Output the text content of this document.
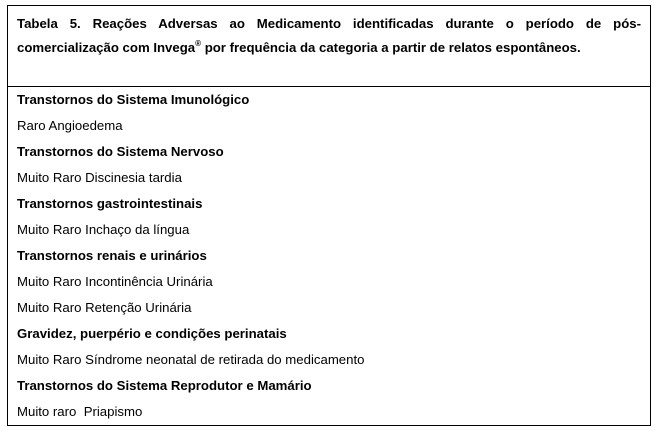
Tabela 5. Reações Adversas ao Medicamento identificadas durante o período de pós-comercialização com Invega® por frequência da categoria a partir de relatos espontâneos.
Transtornos do Sistema Imunológico
Raro Angioedema
Transtornos do Sistema Nervoso
Muito Raro Discinesia tardia
Transtornos gastrointestinais
Muito Raro Inchaço da língua
Transtornos renais e urinários
Muito Raro Incontinência Urinária
Muito Raro Retenção Urinária
Gravidez, puerpério e condições perinatais
Muito Raro Síndrome neonatal de retirada do medicamento
Transtornos do Sistema Reprodutor e Mamário
Muito raro  Priapismo
